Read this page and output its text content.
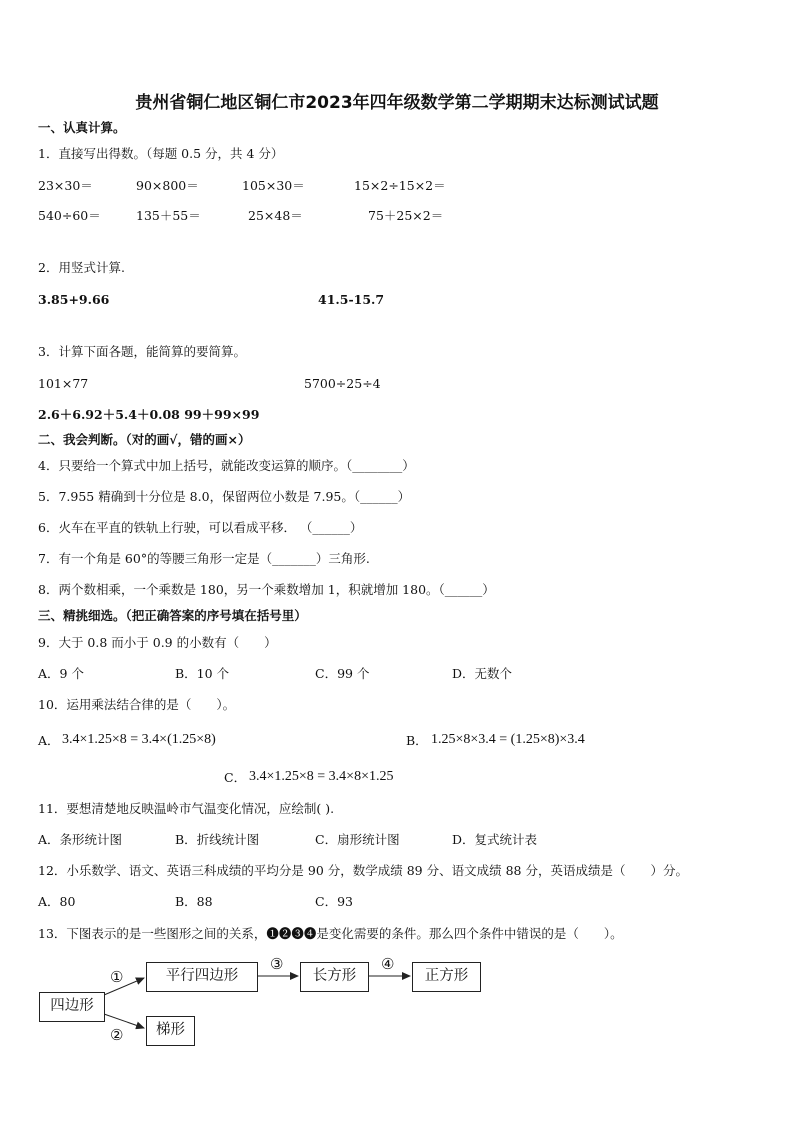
贵州省铜仁地区铜仁市2023年四年级数学第二学期期末达标测试试题
一、认真计算。
1．直接写出得数。（每题 0.5 分，共 4 分）
23×30＝	90×800＝	105×30＝	15×2÷15×2＝
540÷60＝	135＋55＝	25×48＝	75＋25×2＝
2．用竖式计算.
3.85+9.66	41.5-15.7
3．计算下面各题，能简算的要简算。
101×77	5700÷25÷4
2.6＋6.92＋5.4＋0.08 99＋99×99
二、我会判断。（对的画√，错的画×）
4．只要给一个算式中加上括号，就能改变运算的顺序。（________）
5．7.955 精确到十分位是 8.0，保留两位小数是 7.95。（______）
6．火车在平直的铁轨上行驶，可以看成平移． （______）
7．有一个角是 60°的等腰三角形一定是（_______）三角形.
8．两个数相乘，一个乘数是 180，另一个乘数增加 1，积就增加 180。（______）
三、精挑细选。（把正确答案的序号填在括号里）
9．大于 0.8 而小于 0.9 的小数有（　　）
A．9 个	B．10 个	C．99 个	D．无数个
10．运用乘法结合律的是（　　）。
A． 3.4×1.25×8 = 3.4×(1.25×8)	B． 1.25×8×3.4 = (1.25×8)×3.4
C． 3.4×1.25×8 = 3.4×8×1.25
11．要想清楚地反映温岭市气温变化情况，应绘制( ).
A．条形统计图	B．折线统计图	C．扇形统计图	D．复式统计表
12．小乐数学、语文、英语三科成绩的平均分是 90 分，数学成绩 89 分、语文成绩 88 分，英语成绩是（　　）分。
A．80	B．88	C．93
13．下图表示的是一些图形之间的关系，❶❷❸❹是变化需要的条件。那么四个条件中错误的是（　　）。
四边形
平行四边形	长方形	正方形
梯形
①
②
③	④
